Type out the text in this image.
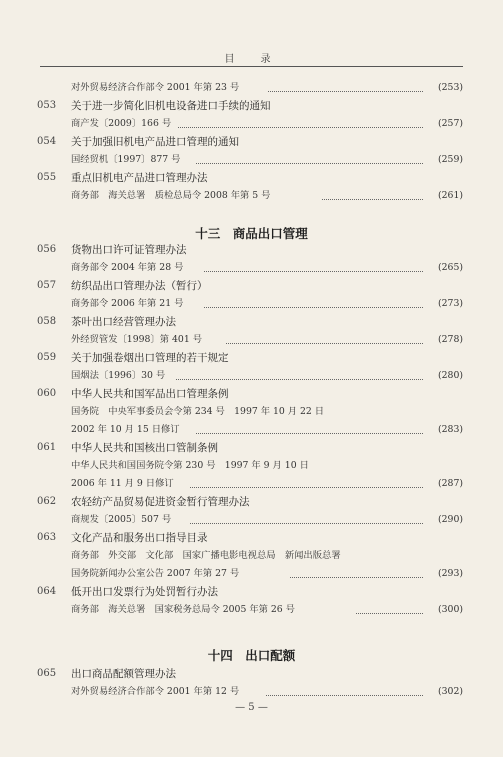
目　录
对外贸易经济合作部令 2001 年第 23 号	(253)
053	关于进一步简化旧机电设备进口手续的通知
商产发〔2009〕166 号	(257)
054	关于加强旧机电产品进口管理的通知
国经贸机〔1997〕877 号	(259)
055	重点旧机电产品进口管理办法
商务部　海关总署　质检总局令 2008 年第 5 号	(261)
十三　商品出口管理
056	货物出口许可证管理办法
商务部令 2004 年第 28 号	(265)
057	纺织品出口管理办法（暂行）
商务部令 2006 年第 21 号	(273)
058	茶叶出口经营管理办法
外经贸管发〔1998〕第 401 号	(278)
059	关于加强卷烟出口管理的若干规定
国烟法〔1996〕30 号	(280)
060	中华人民共和国军品出口管理条例
国务院　中央军事委员会令第 234 号　1997 年 10 月 22 日
2002 年 10 月 15 日修订	(283)
061	中华人民共和国核出口管制条例
中华人民共和国国务院令第 230 号　1997 年 9 月 10 日
2006 年 11 月 9 日修订	(287)
062	农轻纺产品贸易促进资金暂行管理办法
商规发〔2005〕507 号	(290)
063	文化产品和服务出口指导目录
商务部　外交部　文化部　国家广播电影电视总局　新闻出版总署
国务院新闻办公室公告 2007 年第 27 号	(293)
064	低开出口发票行为处罚暂行办法
商务部　海关总署　国家税务总局令 2005 年第 26 号	(300)
十四　出口配额
065	出口商品配额管理办法
对外贸易经济合作部令 2001 年第 12 号	(302)
— 5 —
